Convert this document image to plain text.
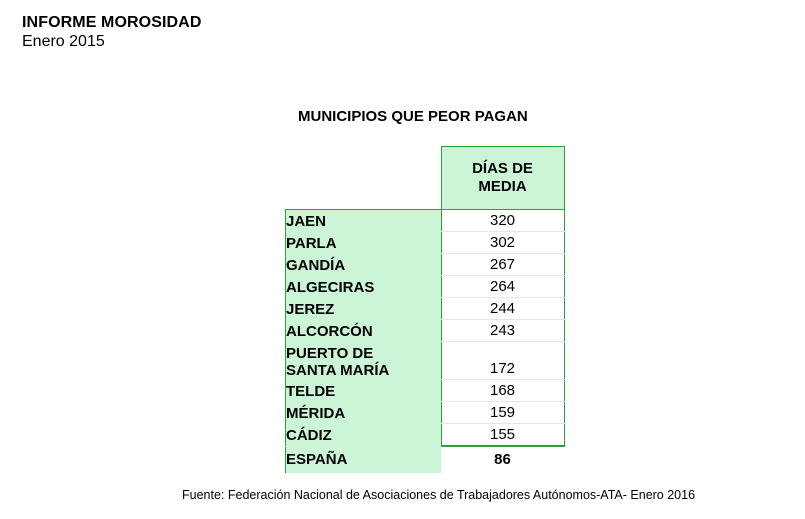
INFORME MOROSIDAD
Enero 2015
MUNICIPIOS QUE PEOR PAGAN
	DÍAS DE
MEDIA
JAEN	320
PARLA	302
GANDÍA	267
ALGECIRAS	264
JEREZ	244
ALCORCÓN	243
PUERTO DE
SANTA MARÍA	172
TELDE	168
MÉRIDA	159
CÁDIZ	155
ESPAÑA	86
Fuente: Federación Nacional de Asociaciones de Trabajadores Autónomos-ATA- Enero 2016
